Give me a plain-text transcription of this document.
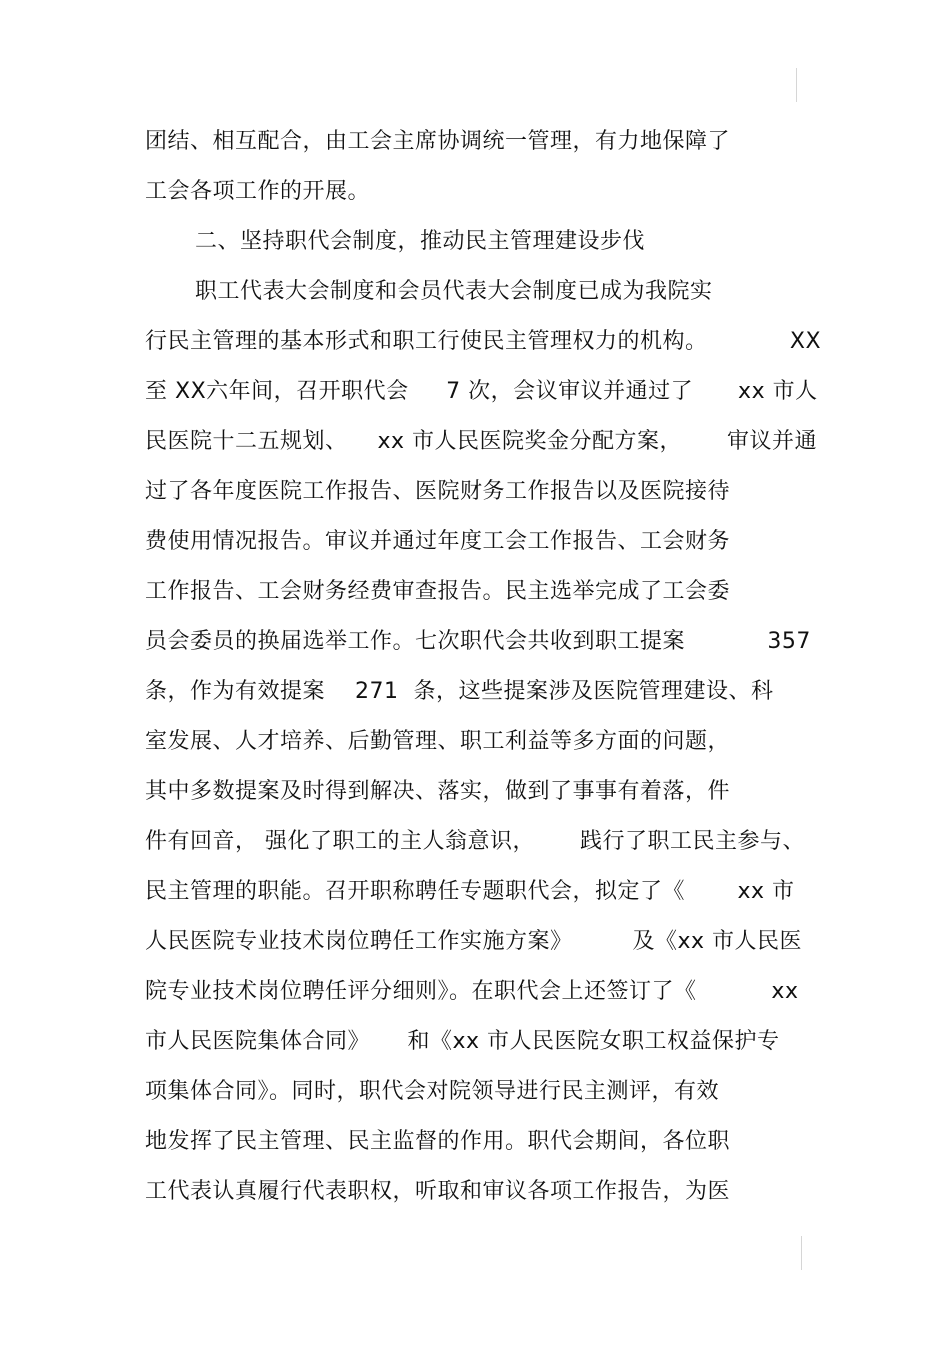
团结、相互配合，由工会主席协调统一管理，有力地保障了
工会各项工作的开展。
二、坚持职代会制度，推动民主管理建设步伐
职工代表大会制度和会员代表大会制度已成为我院实
行民主管理的基本形式和职工行使民主管理权力的机构。           XX
至 XX六年间，召开职代会     7 次，会议审议并通过了      xx 市人
民医院十二五规划、    xx 市人民医院奖金分配方案，      审议并通
过了各年度医院工作报告、医院财务工作报告以及医院接待
费使用情况报告。审议并通过年度工会工作报告、工会财务
工作报告、工会财务经费审查报告。民主选举完成了工会委
员会委员的换届选举工作。七次职代会共收到职工提案           357
条，作为有效提案    271  条，这些提案涉及医院管理建设、科
室发展、人才培养、后勤管理、职工利益等多方面的问题，
其中多数提案及时得到解决、落实，做到了事事有着落，件
件有回音， 强化了职工的主人翁意识，      践行了职工民主参与、
民主管理的职能。召开职称聘任专题职代会，拟定了《       xx 市
人民医院专业技术岗位聘任工作实施方案》        及《xx 市人民医
院专业技术岗位聘任评分细则》。在职代会上还签订了《          xx
市人民医院集体合同》     和《xx 市人民医院女职工权益保护专
项集体合同》。同时，职代会对院领导进行民主测评，有效
地发挥了民主管理、民主监督的作用。职代会期间，各位职
工代表认真履行代表职权，听取和审议各项工作报告，为医
